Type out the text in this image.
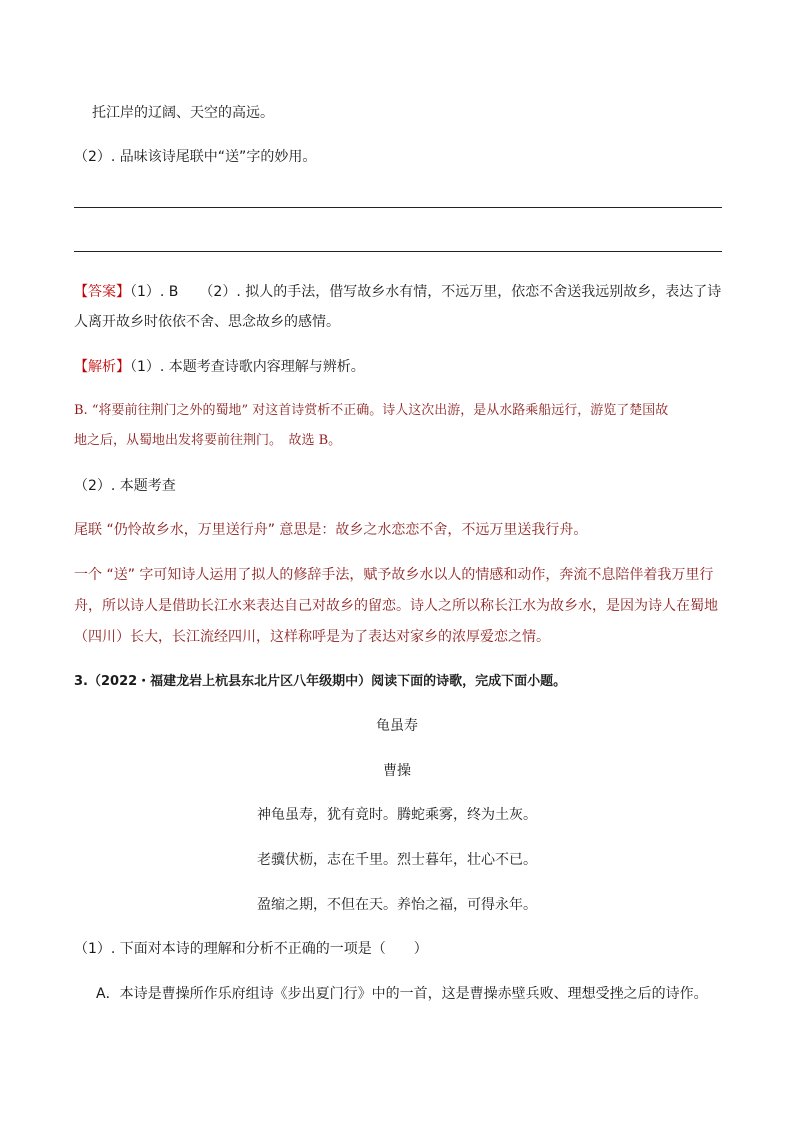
托江岸的辽阔、天空的高远。
（2）. 品味该诗尾联中“送”字的妙用。
【答案】（1）. B　　（2）. 拟人的手法，借写故乡水有情，不远万里，依恋不舍送我远别故乡，表达了诗
人离开故乡时依依不舍、思念故乡的感情。
【解析】（1）. 本题考查诗歌内容理解与辨析。
B. “将要前往荆门之外的蜀地” 对这首诗赏析不正确。诗人这次出游，是从水路乘船远行，游览了楚国故
地之后，从蜀地出发将要前往荆门。　故选 B。
（2）. 本题考查
尾联 “仍怜故乡水，万里送行舟” 意思是：故乡之水恋恋不舍，不远万里送我行舟。
一个 “送” 字可知诗人运用了拟人的修辞手法，赋予故乡水以人的情感和动作，奔流不息陪伴着我万里行
舟，所以诗人是借助长江水来表达自己对故乡的留恋。诗人之所以称长江水为故乡水，是因为诗人在蜀地
（四川）长大，长江流经四川，这样称呼是为了表达对家乡的浓厚爱恋之情。
3.（2022・福建龙岩上杭县东北片区八年级期中）阅读下面的诗歌，完成下面小题。
龟虽寿
曹操
神龟虽寿，犹有竟时。腾蛇乘雾，终为土灰。
老骥伏枥，志在千里。烈士暮年，壮心不已。
盈缩之期，不但在天。养怡之福，可得永年。
（1）. 下面对本诗的理解和分析不正确的一项是（　　）
A．本诗是曹操所作乐府组诗《步出夏门行》中的一首，这是曹操赤壁兵败、理想受挫之后的诗作。
